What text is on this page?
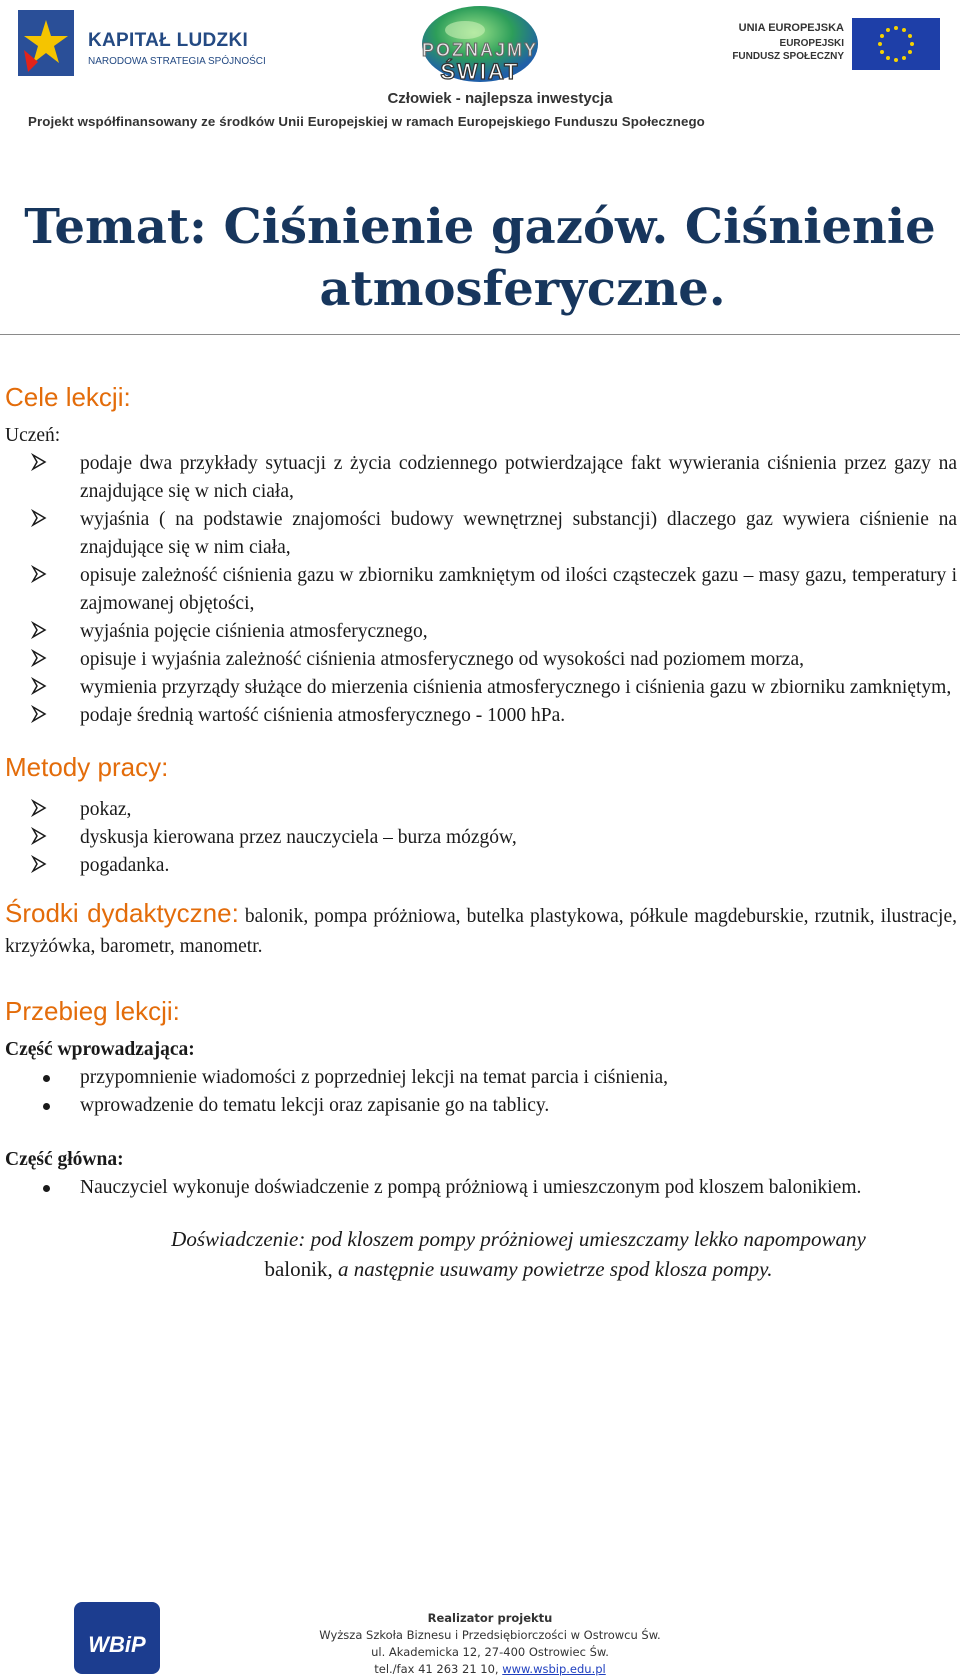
KAPITAŁ LUDZKI
NARODOWA STRATEGIA SPÓJNOŚCI
POZNAJMY
ŚWIAT
UNIA EUROPEJSKA
EUROPEJSKI
FUNDUSZ SPOŁECZNY
Człowiek - najlepsza inwestycja
Projekt współfinansowany ze środków Unii Europejskiej w ramach Europejskiego Funduszu Społecznego
Temat: Ciśnienie gazów. Ciśnienie
atmosferyczne.

Cele lekcji:

Uczeń:

podaje dwa przykłady sytuacji z życia codziennego potwierdzające fakt wywierania ciśnienia przez gazy na znajdujące się w nich ciała,
wyjaśnia ( na podstawie znajomości budowy wewnętrznej substancji) dlaczego gaz wywiera ciśnienie na znajdujące się w nim ciała,
opisuje zależność ciśnienia gazu w zbiorniku zamkniętym od ilości cząsteczek gazu – masy gazu, temperatury i zajmowanej objętości,
wyjaśnia pojęcie ciśnienia atmosferycznego,
opisuje i wyjaśnia zależność ciśnienia atmosferycznego od wysokości nad poziomem morza,
wymienia przyrządy służące do mierzenia ciśnienia atmosferycznego i ciśnienia gazu w zbiorniku zamkniętym,
podaje średnią wartość ciśnienia atmosferycznego - 1000 hPa.

Metody pracy:

pokaz,
dyskusja kierowana przez nauczyciela – burza mózgów,
pogadanka.

Środki dydaktyczne: balonik, pompa próżniowa, butelka plastykowa, półkule magdeburskie, rzutnik, ilustracje, krzyżówka, barometr, manometr.

Przebieg lekcji:

Część wprowadzająca:

przypomnienie wiadomości z poprzedniej lekcji na temat parcia i ciśnienia,
wprowadzenie do tematu lekcji oraz zapisanie go na tablicy.

Część główna:

Nauczyciel wykonuje doświadczenie z pompą próżniową i umieszczonym pod kloszem balonikiem.

Doświadczenie: pod kloszem pompy próżniowej umieszczamy lekko napompowany
balonik, a następnie usuwamy powietrze spod klosza pompy.

WBiP
Realizator projektu
Wyższa Szkoła Biznesu i Przedsiębiorczości w Ostrowcu Św.
ul. Akademicka 12, 27-400 Ostrowiec Św.
tel./fax 41 263 21 10, www.wsbip.edu.pl
